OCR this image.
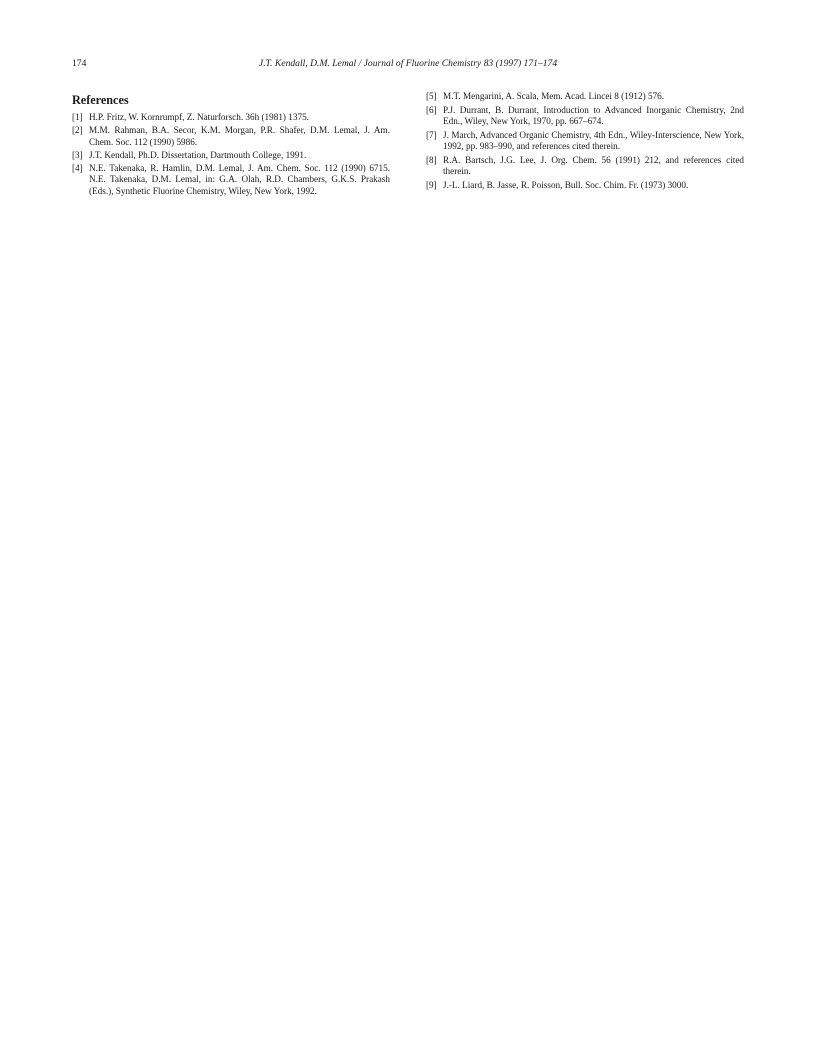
174	J.T. Kendall, D.M. Lemal / Journal of Fluorine Chemistry 83 (1997) 171–174
References
[1] H.P. Fritz, W. Kornrumpf, Z. Naturforsch. 36h (1981) 1375.
[2] M.M. Rahman, B.A. Secor, K.M. Morgan, P.R. Shafer, D.M. Lemal, J. Am. Chem. Soc. 112 (1990) 5986.
[3] J.T. Kendall, Ph.D. Dissertation, Dartmouth College, 1991.
[4] N.E. Takenaka, R. Hamlin, D.M. Lemal, J. Am. Chem. Soc. 112 (1990) 6715. N.E. Takenaka, D.M. Lemal, in: G.A. Olah, R.D. Chambers, G.K.S. Prakash (Eds.), Synthetic Fluorine Chemistry, Wiley, New York, 1992.
[5] M.T. Mengarini, A. Scala, Mem. Acad. Lincei 8 (1912) 576.
[6] P.J. Durrant, B. Durrant, Introduction to Advanced Inorganic Chemistry, 2nd Edn., Wiley, New York, 1970, pp. 667–674.
[7] J. March, Advanced Organic Chemistry, 4th Edn., Wiley-Interscience, New York, 1992, pp. 983–990, and references cited therein.
[8] R.A. Bartsch, J.G. Lee, J. Org. Chem. 56 (1991) 212, and references cited therein.
[9] J.-L. Liard, B. Jasse, R. Poisson, Bull. Soc. Chim. Fr. (1973) 3000.
